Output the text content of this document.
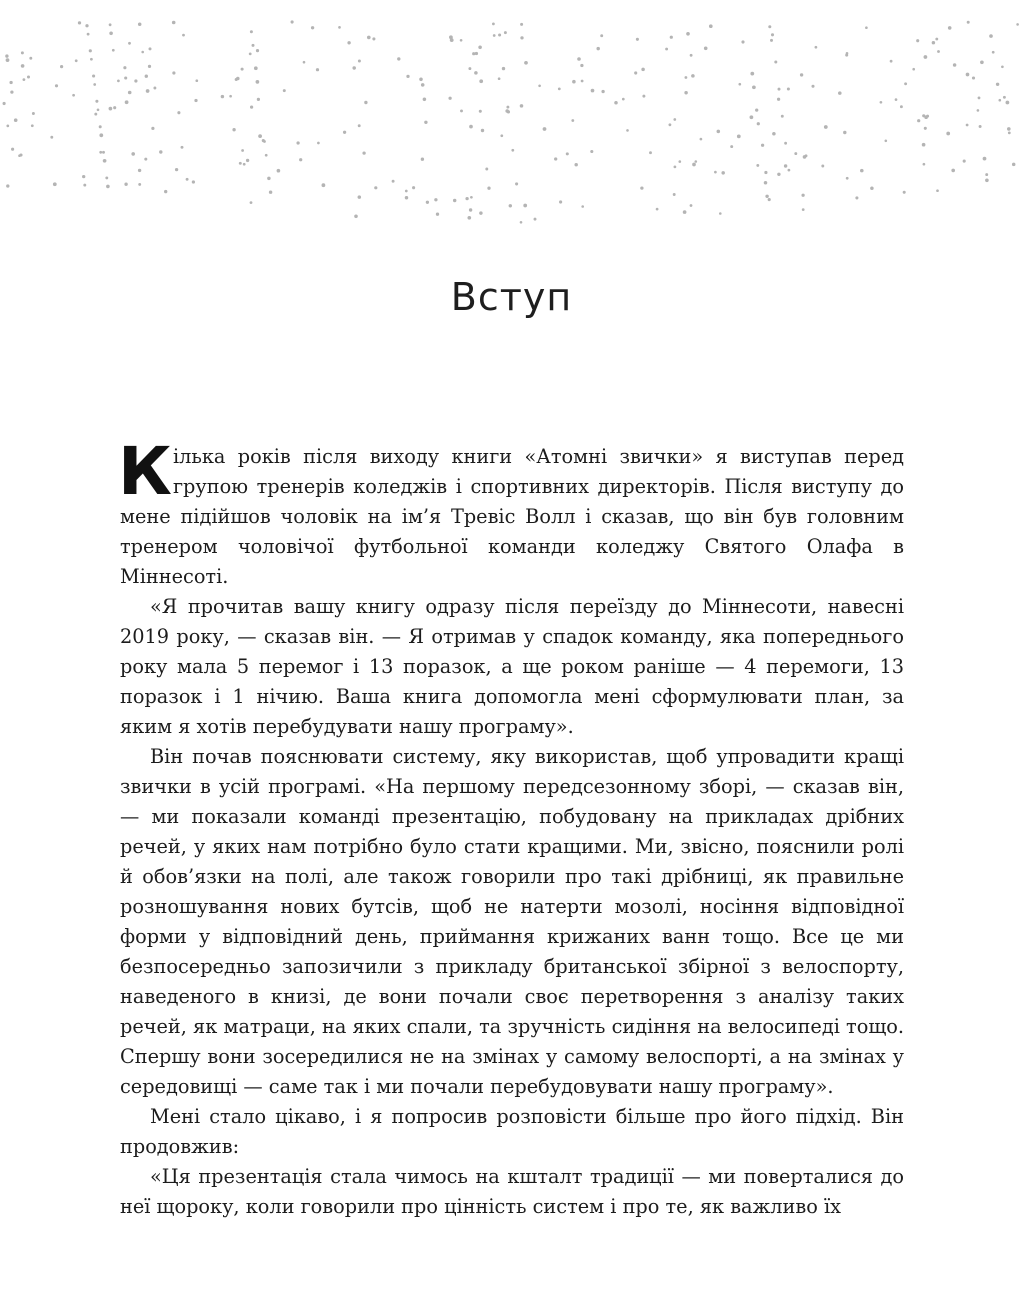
Вступ

Кілька років після виходу книги «Атомні звички» я виступав перед групою тренерів коледжів і спортивних директорів. Після виступу до мене підійшов чоловік на ім’я Тревіс Волл і сказав, що він був головним тренером чоловічої футбольної команди коледжу Святого Олафа в Міннесоті.

«Я прочитав вашу книгу одразу після переїзду до Міннесоти, навесні 2019 року, — сказав він. — Я отримав у спадок команду, яка попереднього року мала 5 перемог і 13 поразок, а ще роком раніше — 4 перемоги, 13 поразок і 1 нічию. Ваша книга допомогла мені сформулювати план, за яким я хотів перебудувати нашу програму».

Він почав пояснювати систему, яку використав, щоб упровадити кращі звички в усій програмі. «На першому передсезонному зборі, — сказав він, — ми показали команді презентацію, побудовану на прикладах дрібних речей, у яких нам потрібно було стати кращими. Ми, звісно, пояснили ролі й обов’язки на полі, але також говорили про такі дрібниці, як правильне розношування нових бутсів, щоб не натерти мозолі, носіння відповідної форми у відповідний день, приймання крижаних ванн тощо. Все це ми безпосередньо запозичили з прикладу британської збірної з велоспорту, наведеного в книзі, де вони почали своє перетворення з аналізу таких речей, як матраци, на яких спали, та зручність сидіння на велосипеді тощо. Спершу вони зосередилися не на змінах у самому велоспорті, а на змінах у середовищі — саме так і ми почали перебудовувати нашу програму».

Мені стало цікаво, і я попросив розповісти більше про його підхід. Він продовжив:

«Ця презентація стала чимось на кшталт традиції — ми поверталися до неї щороку, коли говорили про цінність систем і про те, як важливо їх
